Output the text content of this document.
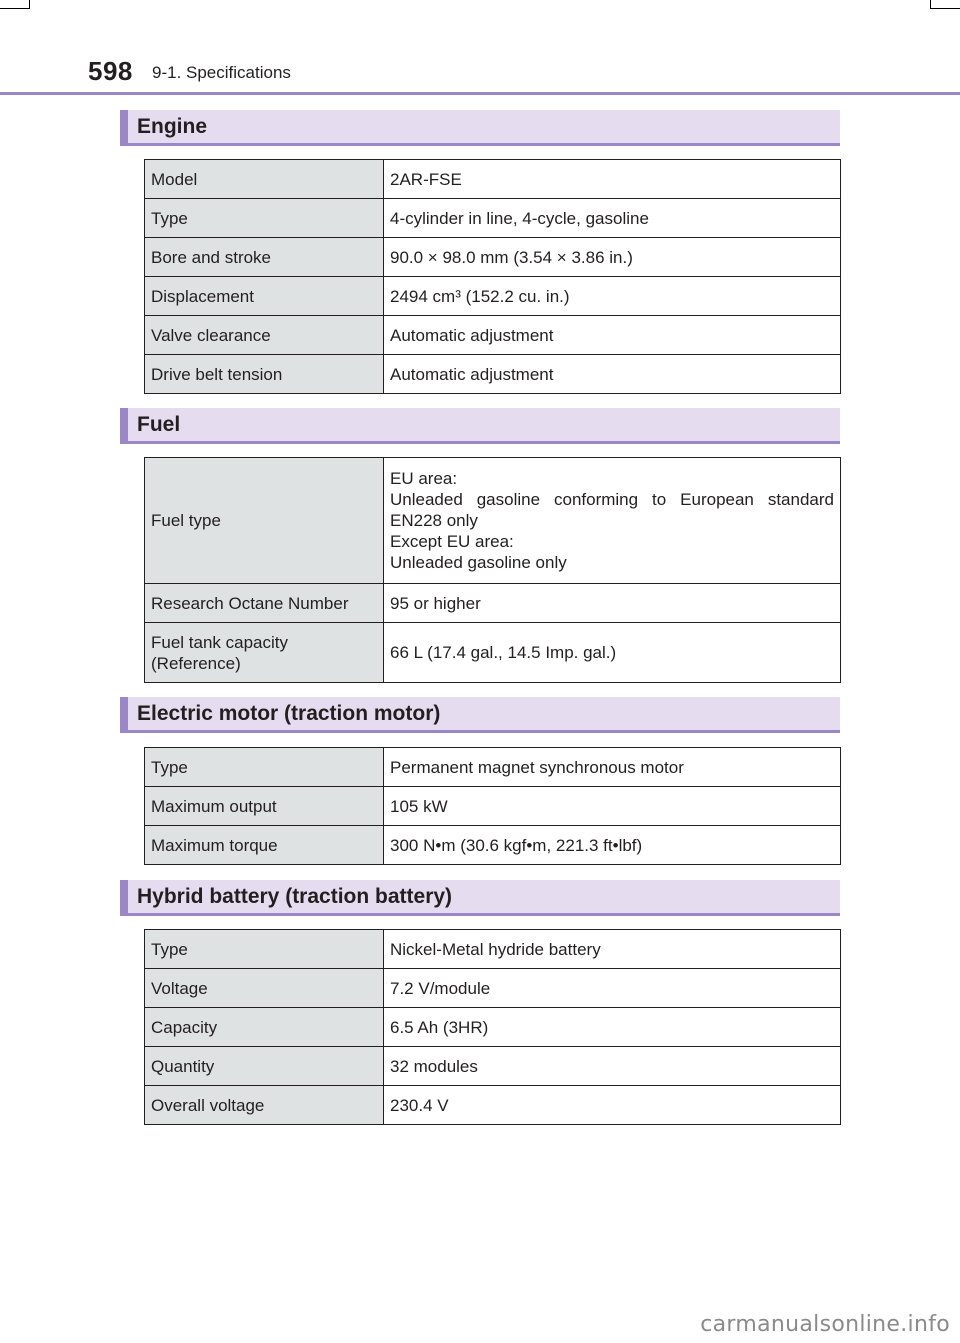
598 9-1. Specifications
Engine
Model	2AR-FSE
Type	4-cylinder in line, 4-cycle, gasoline
Bore and stroke	90.0 × 98.0 mm (3.54 × 3.86 in.)
Displacement	2494 cm³ (152.2 cu. in.)
Valve clearance	Automatic adjustment
Drive belt tension	Automatic adjustment
Fuel
Fuel type	EU area:
Unleaded gasoline conforming to European standard EN228 only
Except EU area:
Unleaded gasoline only

Research Octane Number	95 or higher
Fuel tank capacity (Reference)	66 L (17.4 gal., 14.5 Imp. gal.)
Electric motor (traction motor)
Type	Permanent magnet synchronous motor
Maximum output	105 kW
Maximum torque	300 N•m (30.6 kgf•m, 221.3 ft•lbf)
Hybrid battery (traction battery)
Type	Nickel-Metal hydride battery
Voltage	7.2 V/module
Capacity	6.5 Ah (3HR)
Quantity	32 modules
Overall voltage	230.4 V
carmanualsonline.info
